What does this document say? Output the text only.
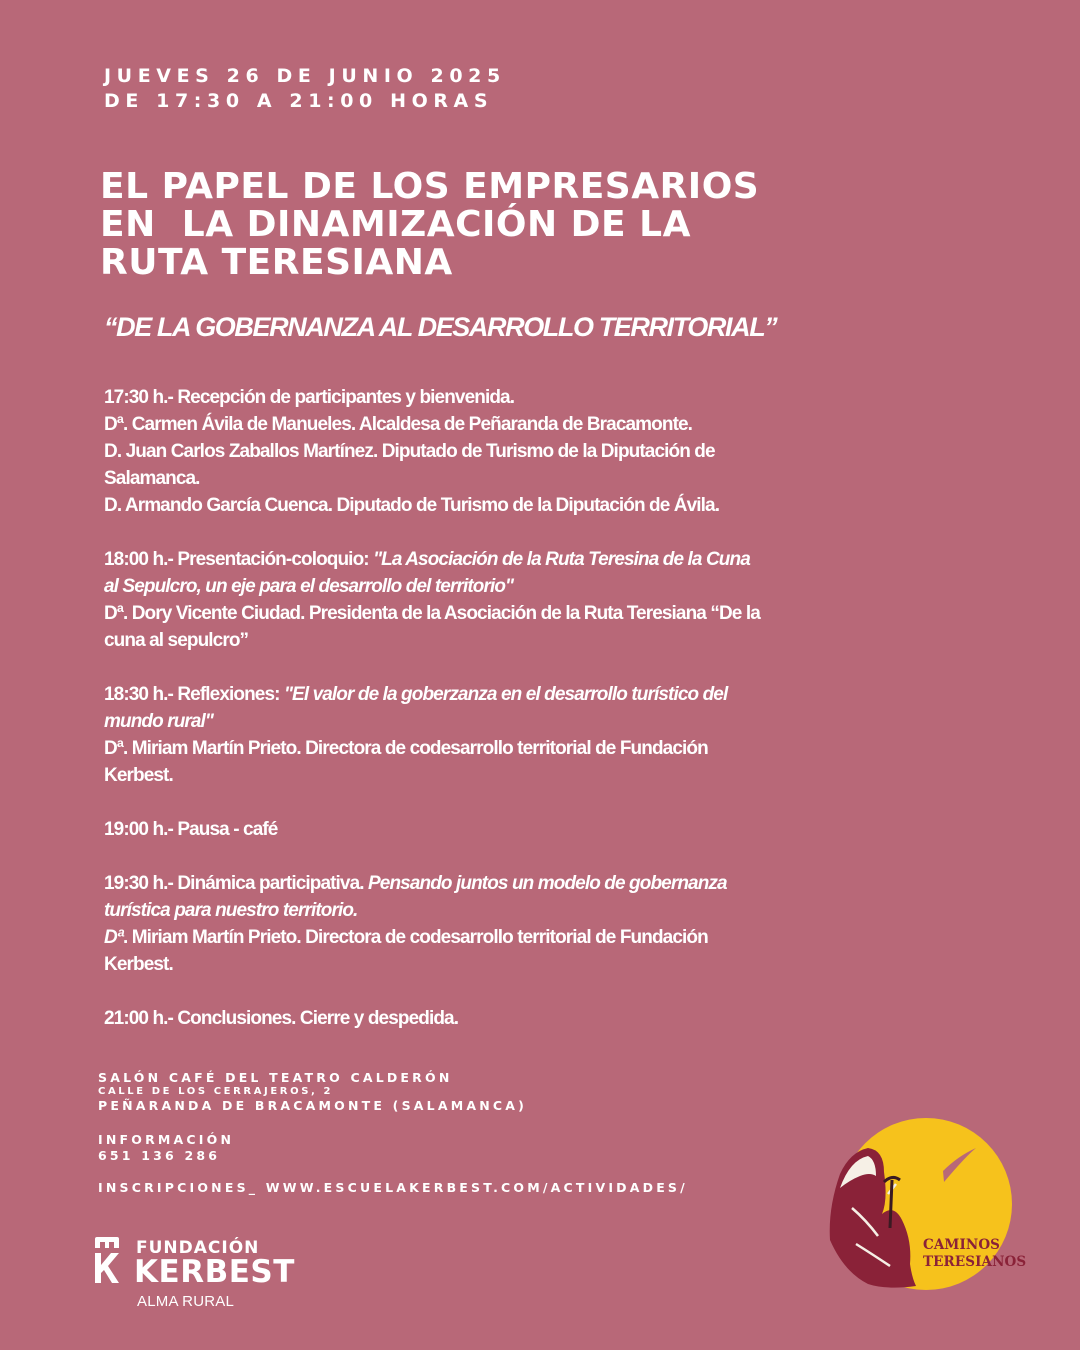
JUEVES 26 DE JUNIO 2025
DE 17:30 A 21:00 HORAS
EL PAPEL DE LOS EMPRESARIOS
EN  LA DINAMIZACIÓN DE LA
RUTA TERESIANA
“DE LA GOBERNANZA AL DESARROLLO TERRITORIAL”
17:30 h.- Recepción de participantes y bienvenida.
Dª. Carmen Ávila de Manueles. Alcaldesa de Peñaranda de Bracamonte.
D. Juan Carlos Zaballos Martínez. Diputado de Turismo de la Diputación de
Salamanca.
D. Armando García Cuenca. Diputado de Turismo de la Diputación de Ávila.
18:00 h.- Presentación-coloquio: "La Asociación de la Ruta Teresina de la Cuna
al Sepulcro, un eje para el desarrollo del territorio"
Dª. Dory Vicente Ciudad. Presidenta de la Asociación de la Ruta Teresiana “De la
cuna al sepulcro”
18:30 h.- Reflexiones: "El valor de la goberzanza en el desarrollo turístico del
mundo rural"
Dª. Miriam Martín Prieto. Directora de codesarrollo territorial de Fundación
Kerbest.
19:00 h.- Pausa - café
19:30 h.- Dinámica participativa. Pensando juntos un modelo de gobernanza
turística para nuestro territorio.
Dª. Miriam Martín Prieto. Directora de codesarrollo territorial de Fundación
Kerbest.
21:00 h.- Conclusiones. Cierre y despedida.
SALÓN CAFÉ DEL TEATRO CALDERÓN
CALLE DE LOS CERRAJEROS, 2
PEÑARANDA DE BRACAMONTE (SALAMANCA)
INFORMACIÓN
651 136 286
INSCRIPCIONES_ WWW.ESCUELAKERBEST.COM/ACTIVIDADES/
FUNDACIÓN
KERBEST
ALMA RURAL
CAMINOS
TERESIANOS
